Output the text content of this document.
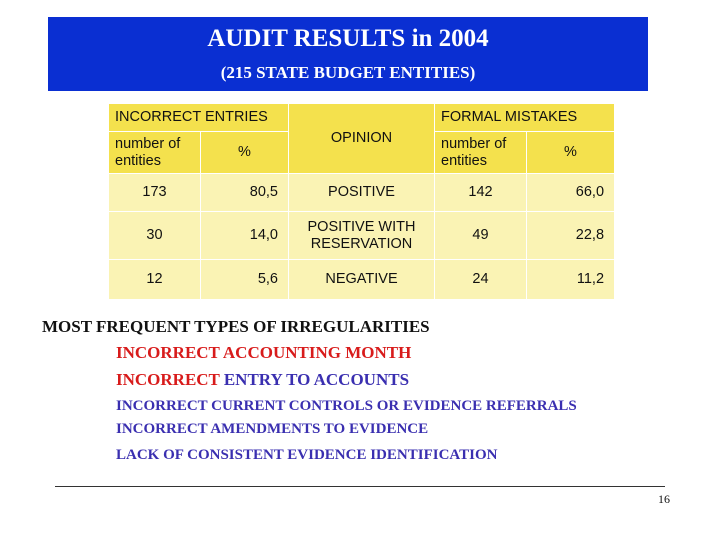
AUDIT RESULTS in 2004
(215 STATE BUDGET ENTITIES)
INCORRECT ENTRIES		OPINION	FORMAL MISTAKES	
number of entities	%		number of entities	%
173	80,5	POSITIVE	142	66,0
30	14,0	POSITIVE WITH RESERVATION	49	22,8
12	5,6	NEGATIVE	24	11,2
MOST FREQUENT TYPES OF IRREGULARITIES
INCORRECT ACCOUNTING MONTH
INCORRECT ENTRY TO ACCOUNTS
INCORRECT CURRENT CONTROLS OR EVIDENCE REFERRALS
INCORRECT AMENDMENTS TO EVIDENCE
LACK OF CONSISTENT EVIDENCE IDENTIFICATION
16
